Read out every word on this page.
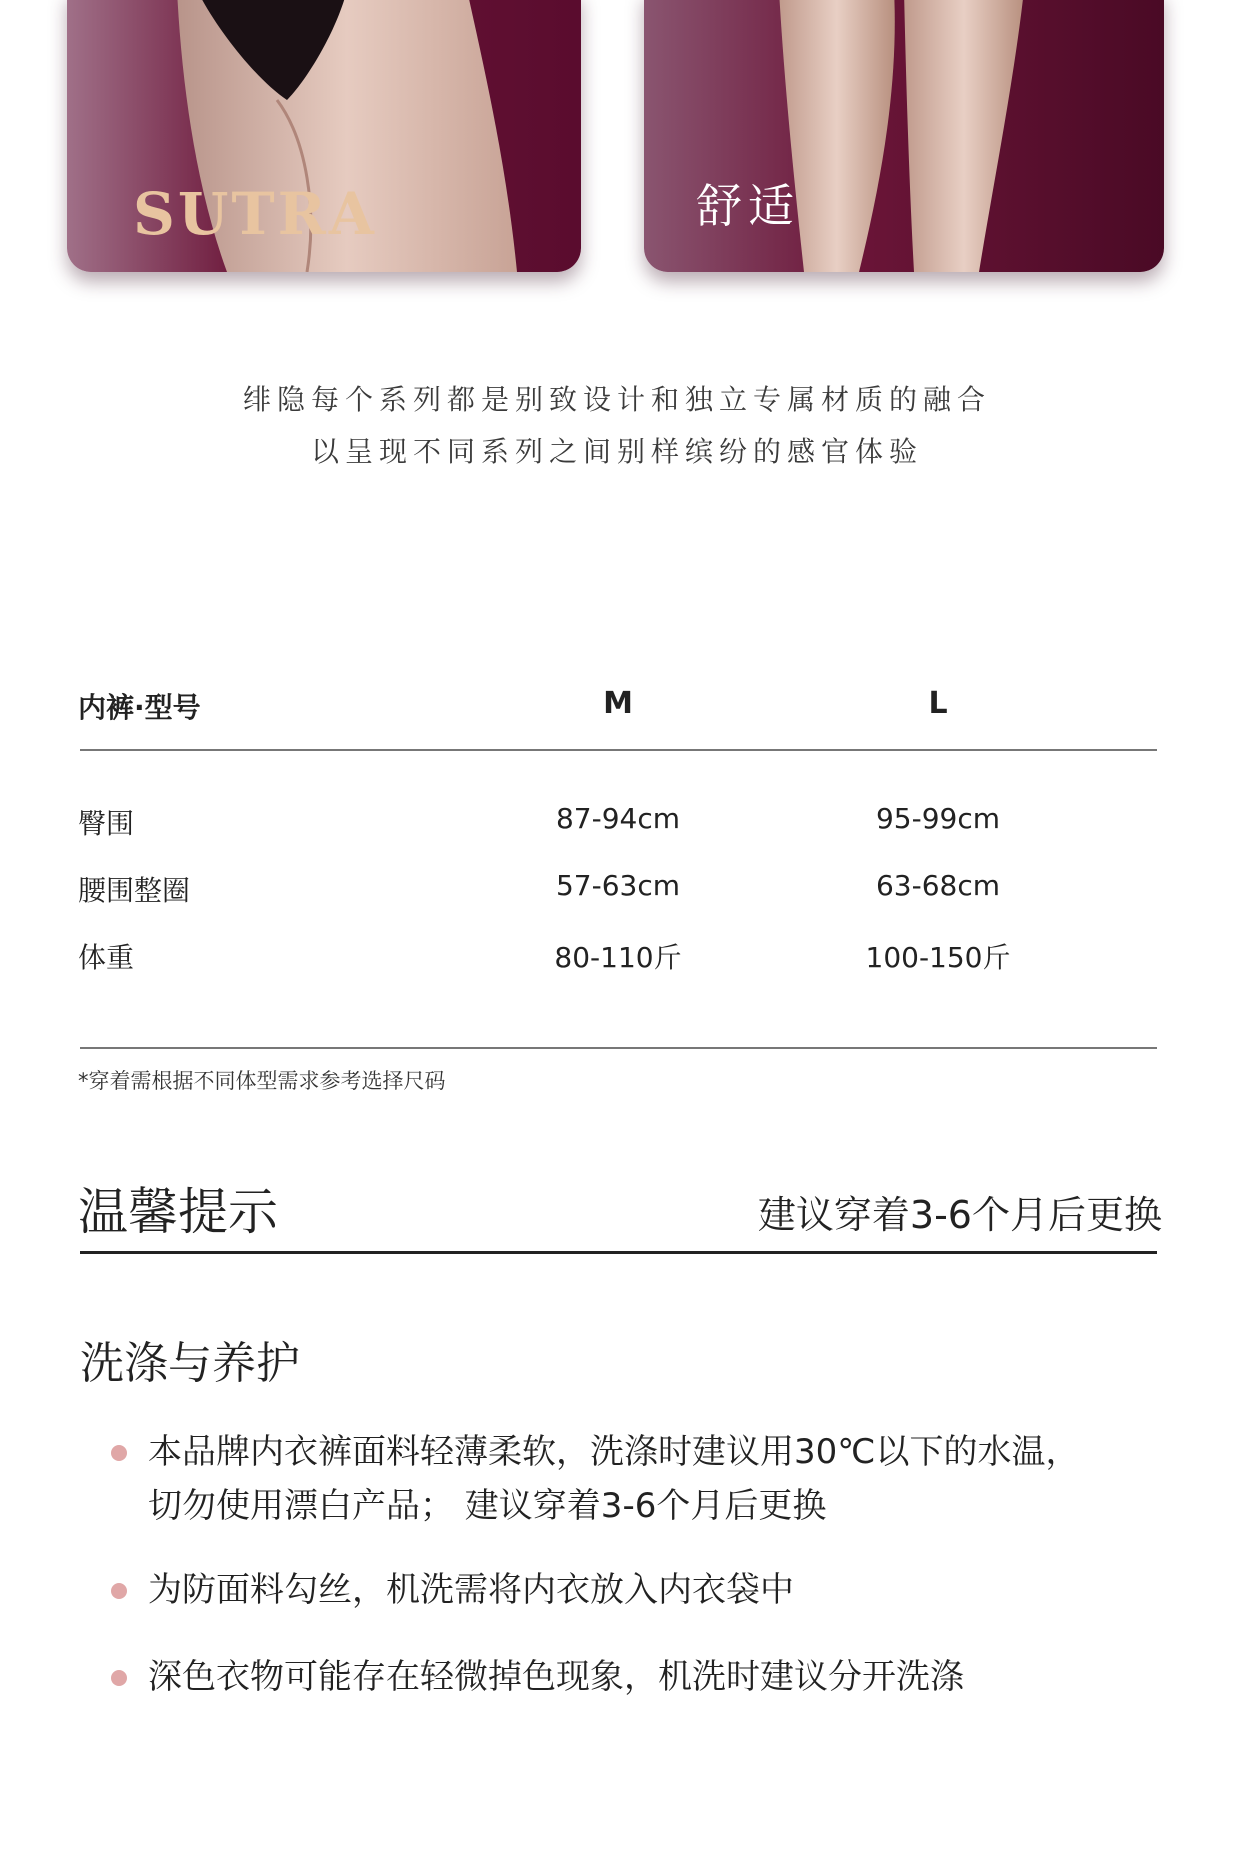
SUTRA	舒适
绯隐每个系列都是别致设计和独立专属材质的融合
以呈现不同系列之间别样缤纷的感官体验
内裤·型号	M	L
臀围	87-94cm	95-99cm
腰围整圈	57-63cm	63-68cm
体重	80-110斤	100-150斤
*穿着需根据不同体型需求参考选择尺码
温馨提示	建议穿着3-6个月后更换
洗涤与养护
本品牌内衣裤面料轻薄柔软，洗涤时建议用30℃以下的水温，
切勿使用漂白产品； 建议穿着3-6个月后更换
为防面料勾丝，机洗需将内衣放入内衣袋中
深色衣物可能存在轻微掉色现象，机洗时建议分开洗涤
